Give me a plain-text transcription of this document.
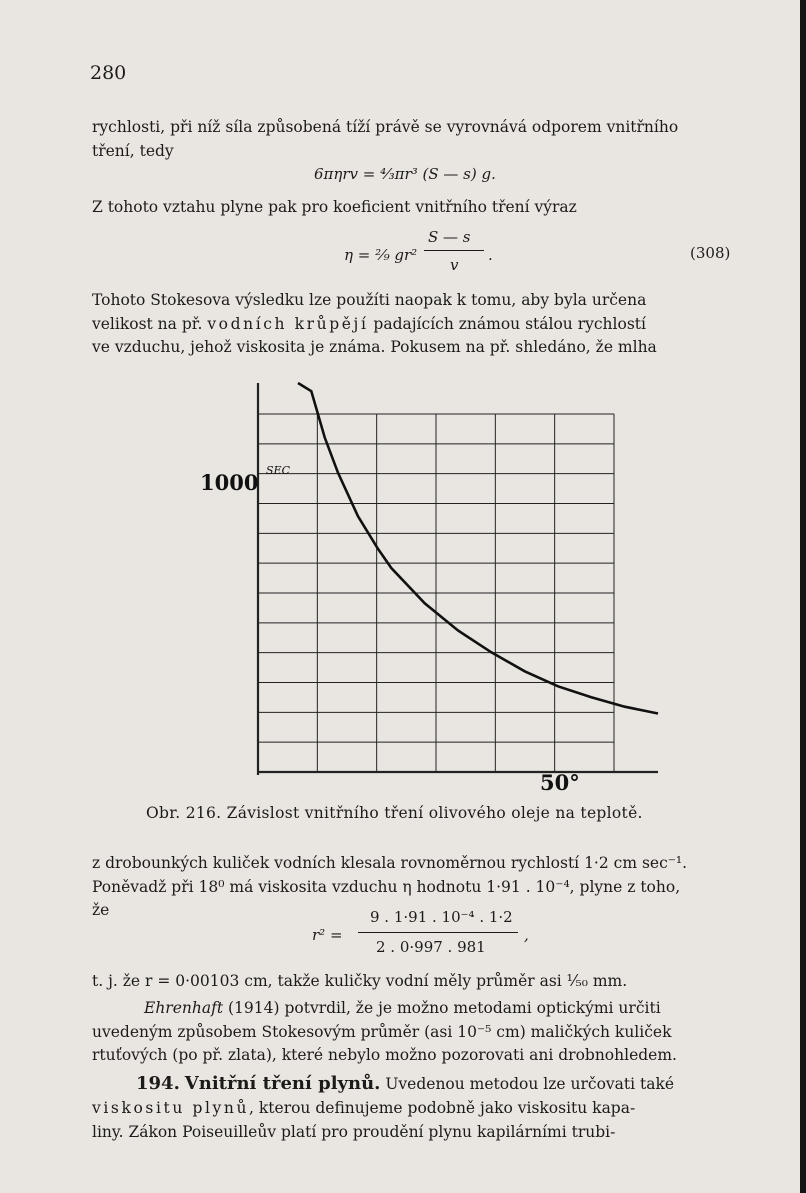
280
rychlosti, při níž síla způsobená tíží právě se vyrovnává odporem vnitřního
tření, tedy
6πηrv = ⁴⁄₃πr³ (S — s) g.
Z tohoto vztahu plyne pak pro koeficient vnitřního tření výraz
η = ²⁄₉ gr²
S — s
v
.	(308)
Tohoto Stokesova výsledku lze použíti naopak k tomu, aby byla určena
velikost na př. vodních krůpějí padajících známou stálou rychlostí
ve vzduchu, jehož viskosita je známa. Pokusem na př. shledáno, že mlha
1000 SEC
50°
Obr. 216. Závislost vnitřního tření olivového oleje na teplotě.
z drobounkých kuliček vodních klesala rovnoměrnou rychlostí 1·2 cm sec⁻¹.
Poněvadž při 18⁰ má viskosita vzduchu η hodnotu 1·91 . 10⁻⁴, plyne z toho,
že
r² =
9 . 1·91 . 10⁻⁴ . 1·2
2 . 0·997 . 981
,
t. j. že r = 0·00103 cm, takže kuličky vodní měly průměr asi ¹⁄₅₀ mm.
Ehrenhaft (1914) potvrdil, že je možno metodami optickými určiti
uvedeným způsobem Stokesovým průměr (asi 10⁻⁵ cm) maličkých kuliček
rtuťových (po př. zlata), které nebylo možno pozorovati ani drobnohledem.
194. Vnitřní tření plynů. Uvedenou metodou lze určovati také
viskositu plynů, kterou definujeme podobně jako viskositu kapa-
liny. Zákon Poiseuilleův platí pro proudění plynu kapilárními trubi-
